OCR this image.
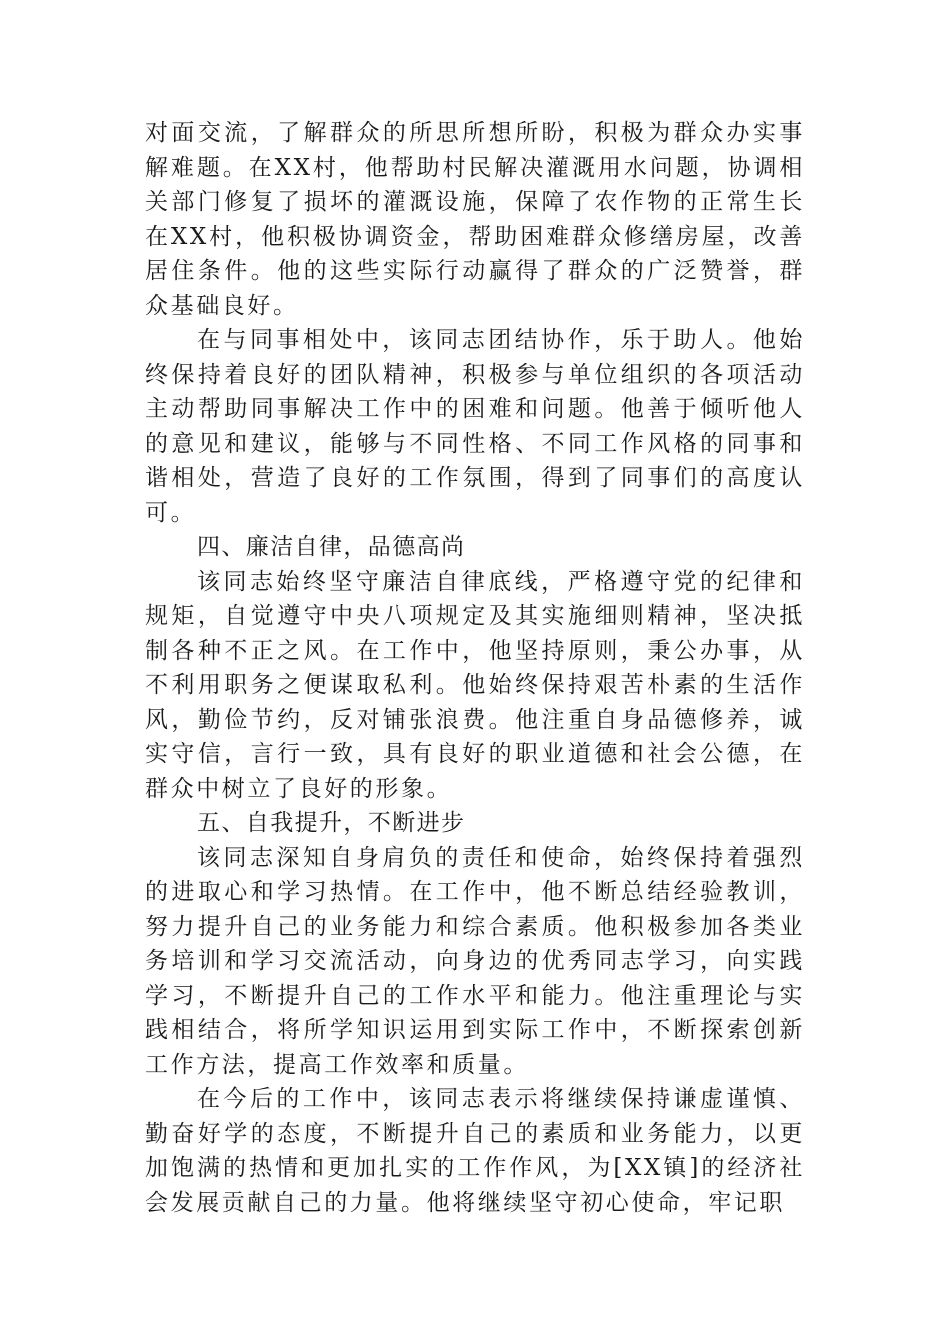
对面交流，了解群众的所思所想所盼，积极为群众办实事解难题。在XX村，他帮助村民解决灌溉用水问题，协调相关部门修复了损坏的灌溉设施，保障了农作物的正常生长在XX村，他积极协调资金，帮助困难群众修缮房屋，改善居住条件。他的这些实际行动赢得了群众的广泛赞誉，群众基础良好。

在与同事相处中，该同志团结协作，乐于助人。他始终保持着良好的团队精神，积极参与单位组织的各项活动主动帮助同事解决工作中的困难和问题。他善于倾听他人的意见和建议，能够与不同性格、不同工作风格的同事和谐相处，营造了良好的工作氛围，得到了同事们的高度认可。

四、廉洁自律，品德高尚

该同志始终坚守廉洁自律底线，严格遵守党的纪律和规矩，自觉遵守中央八项规定及其实施细则精神，坚决抵制各种不正之风。在工作中，他坚持原则，秉公办事，从不利用职务之便谋取私利。他始终保持艰苦朴素的生活作风，勤俭节约，反对铺张浪费。他注重自身品德修养，诚实守信，言行一致，具有良好的职业道德和社会公德，在群众中树立了良好的形象。

五、自我提升，不断进步

该同志深知自身肩负的责任和使命，始终保持着强烈的进取心和学习热情。在工作中，他不断总结经验教训，努力提升自己的业务能力和综合素质。他积极参加各类业务培训和学习交流活动，向身边的优秀同志学习，向实践学习，不断提升自己的工作水平和能力。他注重理论与实践相结合，将所学知识运用到实际工作中，不断探索创新工作方法，提高工作效率和质量。

在今后的工作中，该同志表示将继续保持谦虚谨慎、勤奋好学的态度，不断提升自己的素质和业务能力，以更加饱满的热情和更加扎实的工作作风，为[XX镇]的经济社会发展贡献自己的力量。他将继续坚守初心使命，牢记职
